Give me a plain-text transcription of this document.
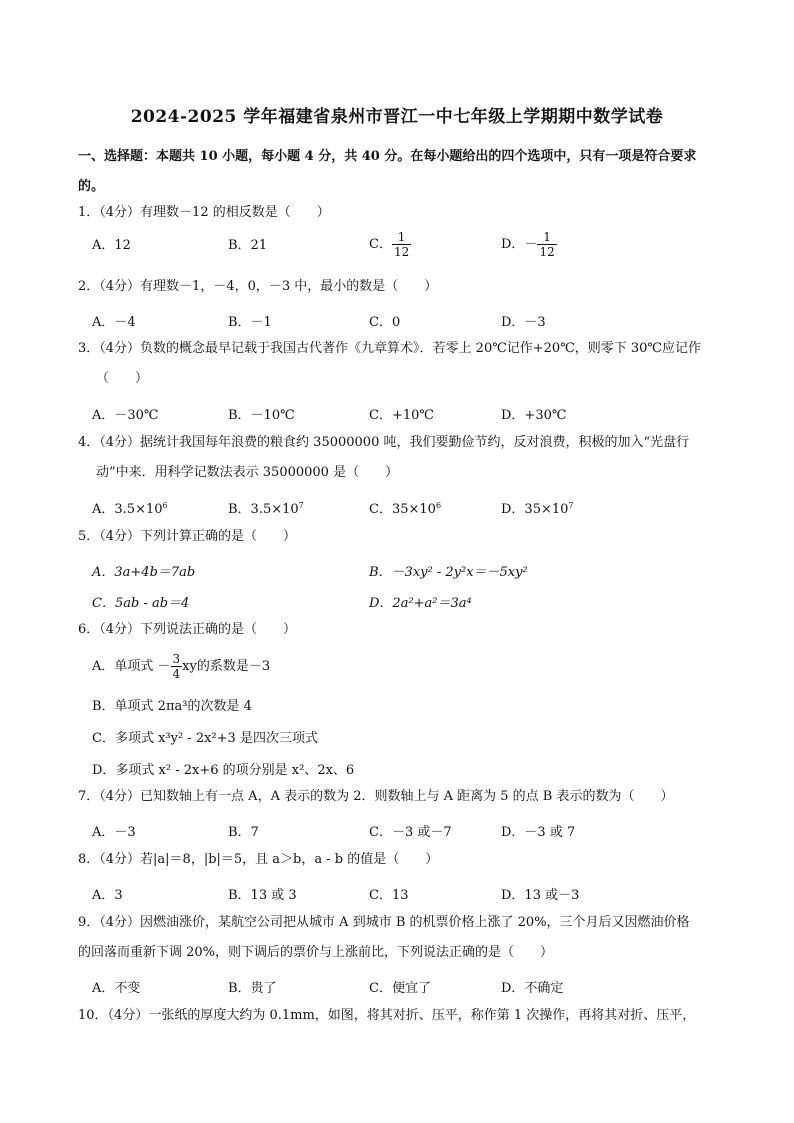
2024-2025 学年福建省泉州市晋江一中七年级上学期期中数学试卷
一、选择题：本题共 10 小题，每小题 4 分，共 40 分。在每小题给出的四个选项中，只有一项是符合要求
的。
1．（4分）有理数－12 的相反数是（　　）
A．12	B．21	C． $\frac{1}{12}$	D．－ $\frac{1}{12}$
2．（4分）有理数－1，－4，0，－3 中，最小的数是（　　）
A．－4	B．－1	C．0	D．－3
3．（4分）负数的概念最早记载于我国古代著作《九章算术》．若零上 20℃记作+20℃，则零下 30℃应记作
（　　）
A．－30℃	B．－10℃	C．+10℃	D．+30℃
4．（4分）据统计我国每年浪费的粮食约 35000000 吨，我们要勤俭节约，反对浪费，积极的加入“光盘行
动”中来．用科学记数法表示 35000000 是（　　）
A．$3.5\times 10^6$	B．$3.5\times 10^7$	C．$35\times 10^6$	D．$35\times 10^7$
5．（4分）下列计算正确的是（　　）
A．3a+4b＝7ab	B．－3xy² - 2y²x＝－5xy²
C．5ab - ab＝4	D．2a²+a²＝3a⁴
6．（4分）下列说法正确的是（　　）
A．单项式 － $\frac{3}{4}$ xy的系数是－3
B．单项式 2πa³的次数是 4
C．多项式 x³y² - 2x²+3 是四次三项式
D．多项式 x² - 2x+6 的项分别是 x²、2x、6
7．（4分）已知数轴上有一点 A，A 表示的数为 2．则数轴上与 A 距离为 5 的点 B 表示的数为（　　）
A．－3	B．7	C．－3 或－7	D．－3 或 7
8．（4分）若|a|＝8，|b|＝5，且 a＞b，a - b 的值是（　　）
A．3	B．13 或 3	C．13	D．13 或－3
9．（4分）因燃油涨价，某航空公司把从城市 A 到城市 B 的机票价格上涨了 20%，三个月后又因燃油价格
的回落而重新下调 20%，则下调后的票价与上涨前比，下列说法正确的是（　　）
A．不变	B．贵了	C．便宜了	D．不确定
10．（4分）一张纸的厚度大约为 0.1mm，如图，将其对折、压平，称作第 1 次操作，再将其对折、压平，
